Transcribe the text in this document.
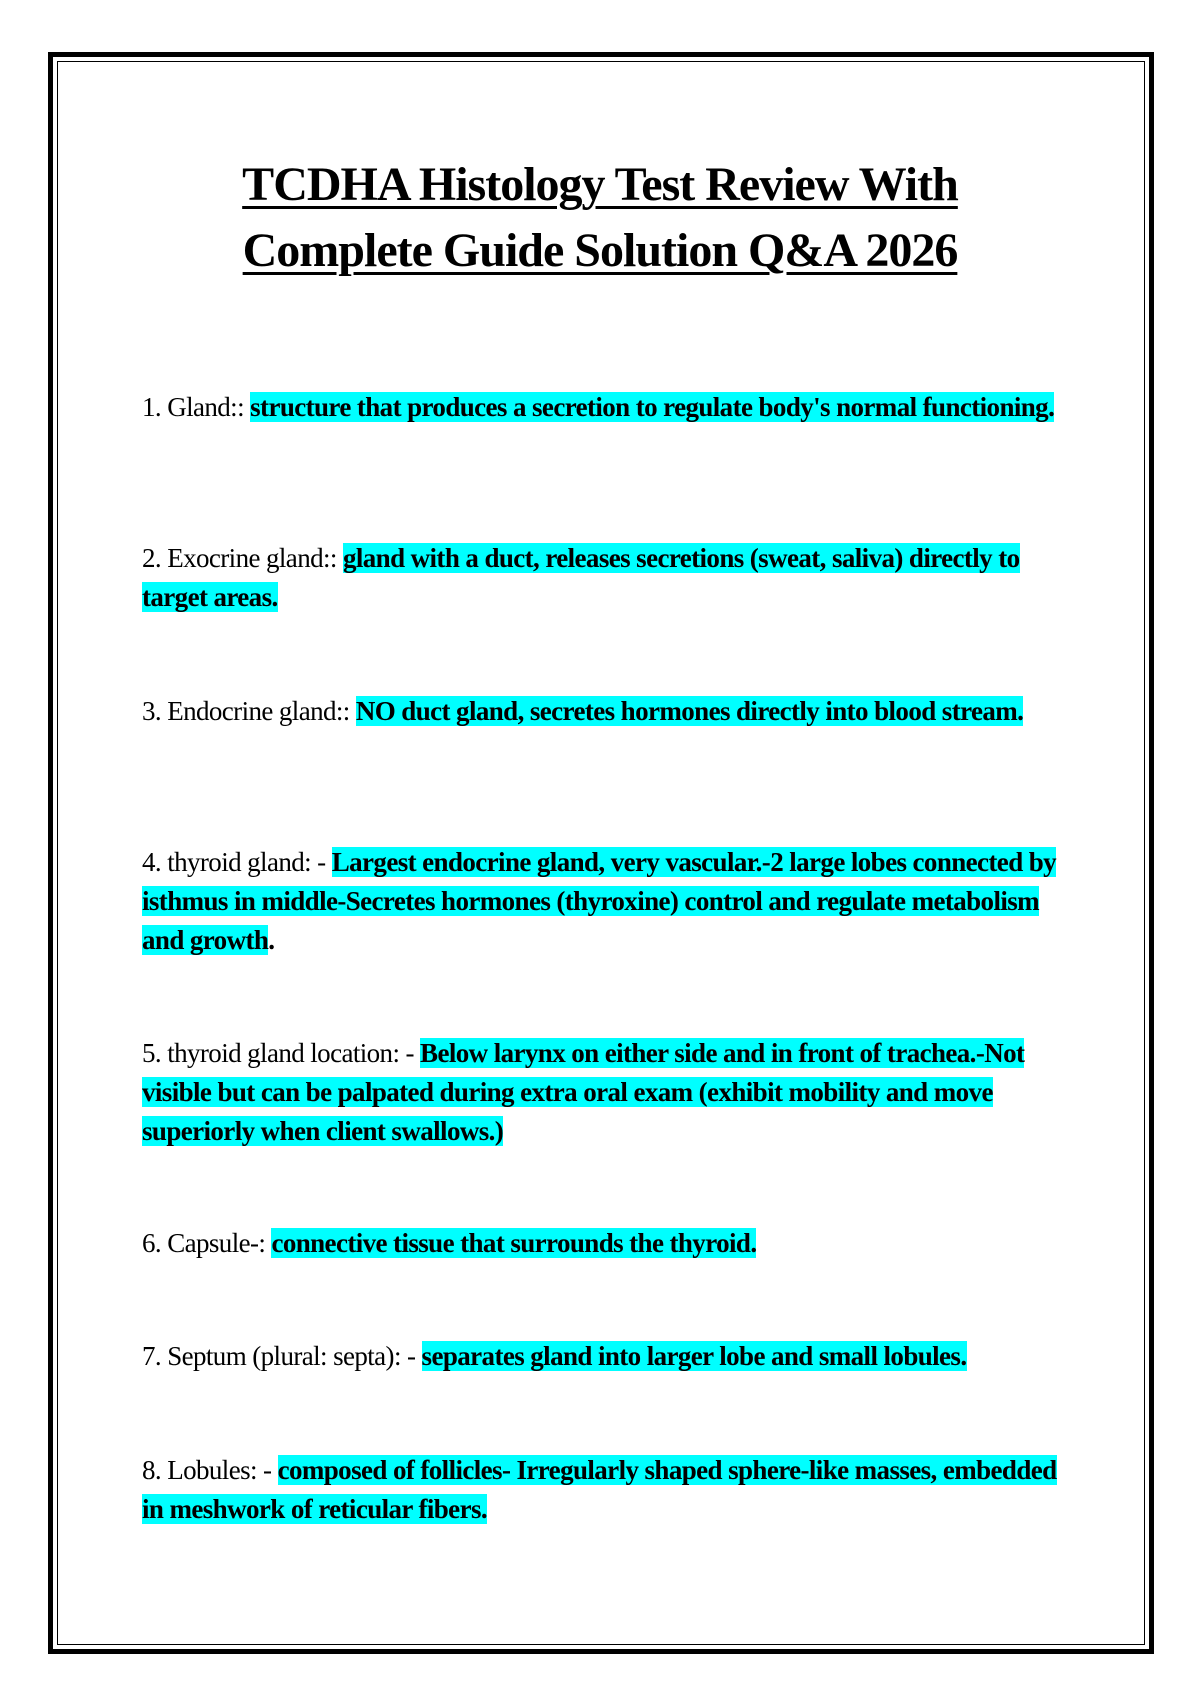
TCDHA Histology Test Review With
Complete Guide Solution Q&A 2026
1. Gland:: structure that produces a secretion to regulate body's normal functioning.
2. Exocrine gland:: gland with a duct, releases secretions (sweat, saliva) directly to target areas.
3. Endocrine gland:: NO duct gland, secretes hormones directly into blood stream.
4. thyroid gland: - Largest endocrine gland, very vascular.-2 large lobes connected by isthmus in middle-Secretes hormones (thyroxine) control and regulate metabolism and growth.
5. thyroid gland location: - Below larynx on either side and in front of trachea.-Not visible but can be palpated during extra oral exam (exhibit mobility and move superiorly when client swallows.)
6. Capsule-: connective tissue that surrounds the thyroid.
7. Septum (plural: septa): - separates gland into larger lobe and small lobules.
8. Lobules: - composed of follicles- Irregularly shaped sphere-like masses, embedded in meshwork of reticular fibers.
